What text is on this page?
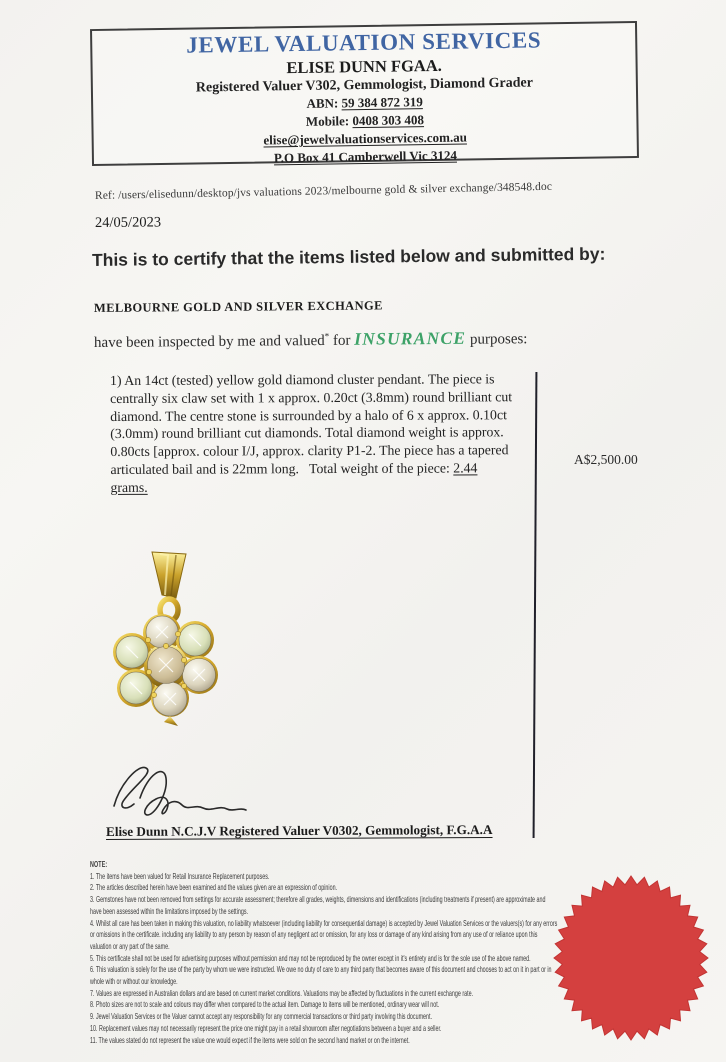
JEWEL VALUATION SERVICES
ELISE DUNN FGAA.
Registered Valuer V302, Gemmologist, Diamond Grader
ABN: 59 384 872 319
Mobile: 0408 303 408
elise@jewelvaluationservices.com.au
P.O Box 41 Camberwell Vic 3124
Ref: /users/elisedunn/desktop/jvs valuations 2023/melbourne gold & silver exchange/348548.doc
24/05/2023
This is to certify that the items listed below and submitted by:
MELBOURNE GOLD AND SILVER EXCHANGE
have been inspected by me and valued* for INSURANCE purposes:
1) An 14ct (tested) yellow gold diamond cluster pendant. The piece is centrally six claw set with 1 x approx. 0.20ct (3.8mm) round brilliant cut diamond. The centre stone is surrounded by a halo of 6 x approx. 0.10ct (3.0mm) round brilliant cut diamonds. Total diamond weight is approx. 0.80cts [approx. colour I/J, approx. clarity P1-2. The piece has a tapered articulated bail and is 22mm long.   Total weight of the piece: 2.44 grams.
A$2,500.00
Elise Dunn N.C.J.V Registered Valuer V0302, Gemmologist, F.G.A.A
NOTE:
1. The items have been valued for Retail Insurance Replacement purposes.
2. The articles described herein have been examined and the values given are an expression of opinion.
3. Gemstones have not been removed from settings for accurate assessment; therefore all grades, weights, dimensions and identifications (including treatments if present) are approximate and have been assessed within the limitations imposed by the settings.
4. Whilst all care has been taken in making this valuation, no liability whatsoever (including liability for consequential damage) is accepted by Jewel Valuation Services or the valuers(s) for any errors or omissions in the certificate. including any liability to any person by reason of any negligent act or omission, for any loss or damage of any kind arising from any use of or reliance upon this valuation or any part of the same.
5. This certificate shall not be used for advertising purposes without permission and may not be reproduced by the owner except in it's entirety and is for the sole use of the above named.
6. This valuation is solely for the use of the party by whom we were instructed. We owe no duty of care to any third party that becomes aware of this document and chooses to act on it in part or in whole with or without our knowledge.
7. Values are expressed in Australian dollars and are based on current market conditions. Valuations may be affected by fluctuations in the current exchange rate.
8. Photo sizes are not to scale and colours may differ when compared to the actual item. Damage to items will be mentioned, ordinary wear will not.
9. Jewel Valuation Services or the Valuer cannot accept any responsibility for any commercial transactions or third party involving this document.
10. Replacement values may not necessarily represent the price one might pay in a retail showroom after negotiations between a buyer and a seller.
11. The values stated do not represent the value one would expect if the items were sold on the second hand market or on the internet.
